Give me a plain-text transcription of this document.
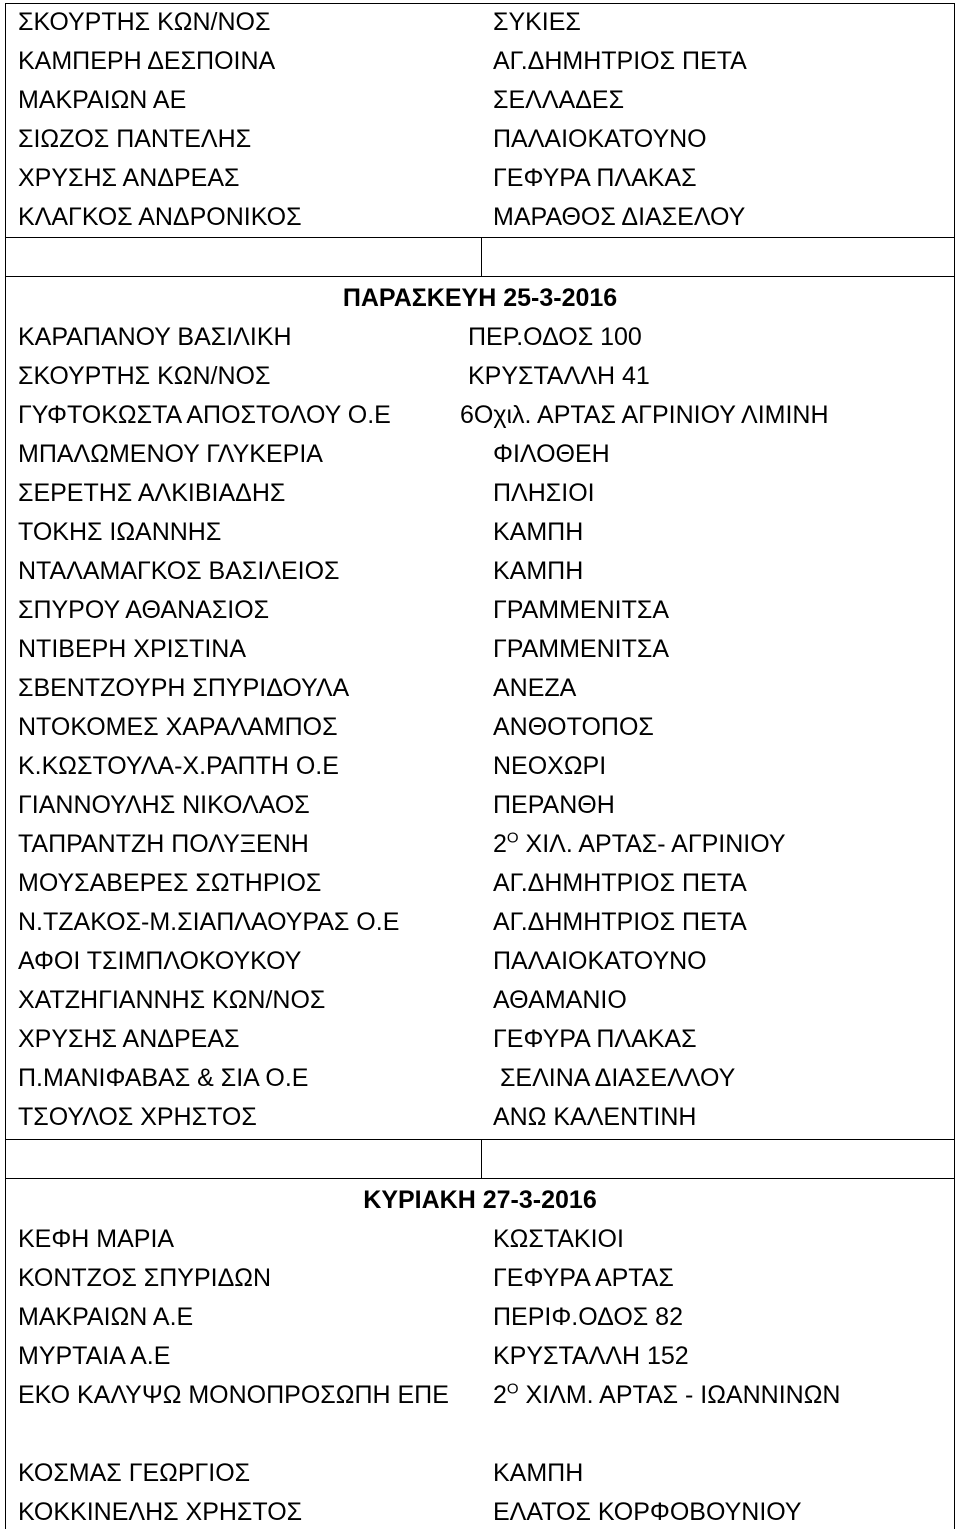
ΣΚΟΥΡΤΗΣ ΚΩΝ/ΝΟΣ	ΣΥΚΙΕΣ
ΚΑΜΠΕΡΗ ΔΕΣΠΟΙΝΑ	ΑΓ.ΔΗΜΗΤΡΙΟΣ ΠΕΤΑ
ΜΑΚΡΑΙΩΝ ΑΕ	ΣΕΛΛΑΔΕΣ
ΣΙΩΖΟΣ ΠΑΝΤΕΛΗΣ	ΠΑΛΑΙΟΚΑΤΟΥΝΟ
ΧΡΥΣΗΣ ΑΝΔΡΕΑΣ	ΓΕΦΥΡΑ ΠΛΑΚΑΣ
ΚΛΑΓΚΟΣ ΑΝΔΡΟΝΙΚΟΣ	ΜΑΡΑΘΟΣ ΔΙΑΣΕΛΟΥ
ΠΑΡΑΣΚΕΥΗ 25-3-2016
ΚΑΡΑΠΑΝΟΥ ΒΑΣΙΛΙΚΗ	ΠΕΡ.ΟΔΟΣ 100
ΣΚΟΥΡΤΗΣ ΚΩΝ/ΝΟΣ	ΚΡΥΣΤΑΛΛΗ 41
ΓΥΦΤΟΚΩΣΤΑ ΑΠΟΣΤΟΛΟΥ Ο.Ε	6Οχιλ. ΑΡΤΑΣ ΑΓΡΙΝΙΟΥ ΛΙΜΙΝΗ
ΜΠΑΛΩΜΕΝΟΥ ΓΛΥΚΕΡΙΑ	ΦΙΛΟΘΕΗ
ΣΕΡΕΤΗΣ ΑΛΚΙΒΙΑΔΗΣ	ΠΛΗΣΙΟΙ
ΤΟΚΗΣ ΙΩΑΝΝΗΣ	ΚΑΜΠΗ
ΝΤΑΛΑΜΑΓΚΟΣ ΒΑΣΙΛΕΙΟΣ	ΚΑΜΠΗ
ΣΠΥΡΟΥ ΑΘΑΝΑΣΙΟΣ	ΓΡΑΜΜΕΝΙΤΣΑ
ΝΤΙΒΕΡΗ ΧΡΙΣΤΙΝΑ	ΓΡΑΜΜΕΝΙΤΣΑ
ΣΒΕΝΤΖΟΥΡΗ ΣΠΥΡΙΔΟΥΛΑ	ΑΝΕΖΑ
ΝΤΟΚΟΜΕΣ ΧΑΡΑΛΑΜΠΟΣ	ΑΝΘΟΤΟΠΟΣ
Κ.ΚΩΣΤΟΥΛΑ-Χ.ΡΑΠΤΗ Ο.Ε	ΝΕΟΧΩΡΙ
ΓΙΑΝΝΟΥΛΗΣ ΝΙΚΟΛΑΟΣ	ΠΕΡΑΝΘΗ
ΤΑΠΡΑΝΤΖΗ ΠΟΛΥΞΕΝΗ	$2^O$ ΧΙΛ. ΑΡΤΑΣ- ΑΓΡΙΝΙΟΥ
ΜΟΥΣΑΒΕΡΕΣ ΣΩΤΗΡΙΟΣ	ΑΓ.ΔΗΜΗΤΡΙΟΣ ΠΕΤΑ
Ν.ΤΖΑΚΟΣ-Μ.ΣΙΑΠΛΑΟΥΡΑΣ Ο.Ε	ΑΓ.ΔΗΜΗΤΡΙΟΣ ΠΕΤΑ
ΑΦΟΙ ΤΣΙΜΠΛΟΚΟΥΚΟΥ	ΠΑΛΑΙΟΚΑΤΟΥΝΟ
ΧΑΤΖΗΓΙΑΝΝΗΣ ΚΩΝ/ΝΟΣ	ΑΘΑΜΑΝΙΟ
ΧΡΥΣΗΣ ΑΝΔΡΕΑΣ	ΓΕΦΥΡΑ ΠΛΑΚΑΣ
Π.ΜΑΝΙΦΑΒΑΣ & ΣΙΑ Ο.Ε	ΣΕΛΙΝΑ ΔΙΑΣΕΛΛΟΥ
ΤΣΟΥΛΟΣ ΧΡΗΣΤΟΣ	ΑΝΩ ΚΑΛΕΝΤΙΝΗ
ΚΥΡΙΑΚΗ 27-3-2016
ΚΕΦΗ ΜΑΡΙΑ	ΚΩΣΤΑΚΙΟΙ
ΚΟΝΤΖΟΣ ΣΠΥΡΙΔΩΝ	ΓΕΦΥΡΑ ΑΡΤΑΣ
ΜΑΚΡΑΙΩΝ Α.Ε	ΠΕΡΙΦ.ΟΔΟΣ 82
ΜΥΡΤΑΙΑ Α.Ε	ΚΡΥΣΤΑΛΛΗ 152
ΕΚΟ ΚΑΛΥΨΩ ΜΟΝΟΠΡΟΣΩΠΗ ΕΠΕ	$2^O$ ΧΙΛΜ. ΑΡΤΑΣ - ΙΩΑΝΝΙΝΩΝ
ΚΟΣΜΑΣ ΓΕΩΡΓΙΟΣ	ΚΑΜΠΗ
ΚΟΚΚΙΝΕΛΗΣ ΧΡΗΣΤΟΣ	ΕΛΑΤΟΣ ΚΟΡΦΟΒΟΥΝΙΟΥ
